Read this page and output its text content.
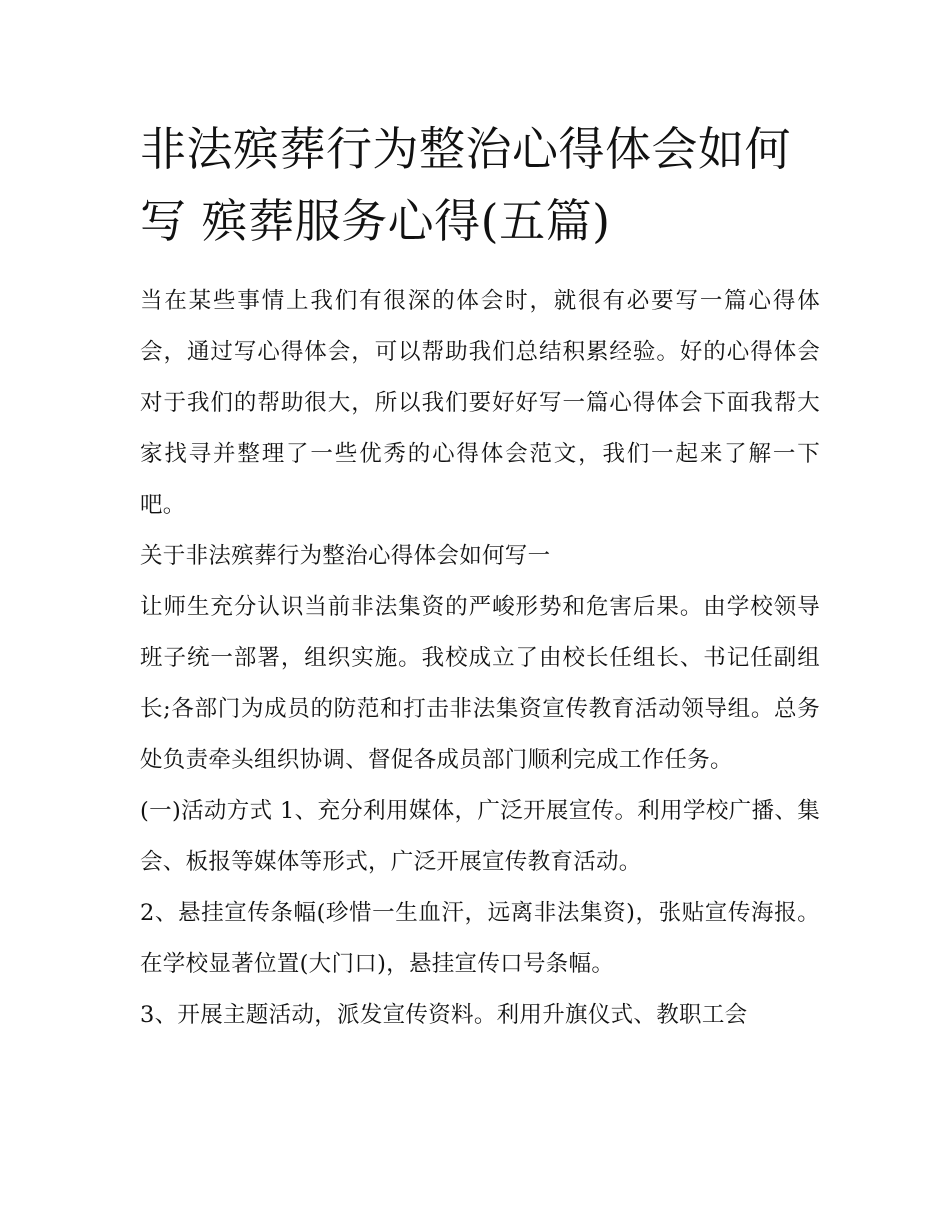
非法殡葬行为整治心得体会如何写 殡葬服务心得(五篇)

当在某些事情上我们有很深的体会时，就很有必要写一篇心得体会，通过写心得体会，可以帮助我们总结积累经验。好的心得体会对于我们的帮助很大，所以我们要好好写一篇心得体会下面我帮大家找寻并整理了一些优秀的心得体会范文，我们一起来了解一下吧。

关于非法殡葬行为整治心得体会如何写一

让师生充分认识当前非法集资的严峻形势和危害后果。由学校领导班子统一部署，组织实施。我校成立了由校长任组长、书记任副组长;各部门为成员的防范和打击非法集资宣传教育活动领导组。总务处负责牵头组织协调、督促各成员部门顺利完成工作任务。

(一)活动方式 1、充分利用媒体，广泛开展宣传。利用学校广播、集会、板报等媒体等形式，广泛开展宣传教育活动。

2、悬挂宣传条幅(珍惜一生血汗，远离非法集资)，张贴宣传海报。在学校显著位置(大门口)，悬挂宣传口号条幅。

3、开展主题活动，派发宣传资料。利用升旗仪式、教职工会
